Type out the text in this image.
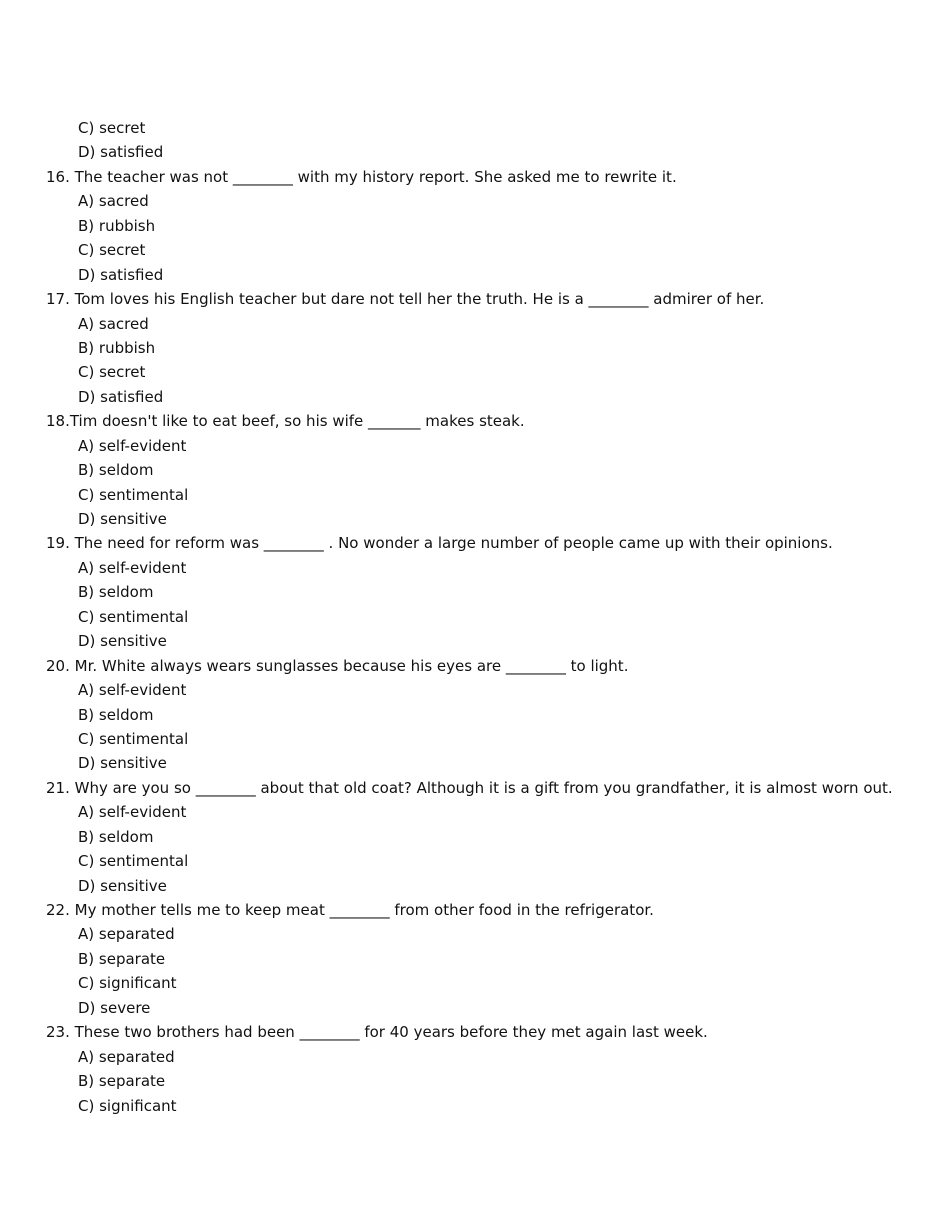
C) secret
D) satisfied
16. The teacher was not ________ with my history report. She asked me to rewrite it.
A) sacred
B) rubbish
C) secret
D) satisfied
17. Tom loves his English teacher but dare not tell her the truth. He is a ________ admirer of her.
A) sacred
B) rubbish
C) secret
D) satisfied
18.Tim doesn't like to eat beef, so his wife _______ makes steak.
A) self-evident
B) seldom
C) sentimental
D) sensitive
19. The need for reform was ________ . No wonder a large number of people came up with their opinions.
A) self-evident
B) seldom
C) sentimental
D) sensitive
20. Mr. White always wears sunglasses because his eyes are ________ to light.
A) self-evident
B) seldom
C) sentimental
D) sensitive
21. Why are you so ________ about that old coat? Although it is a gift from you grandfather, it is almost worn out.
A) self-evident
B) seldom
C) sentimental
D) sensitive
22. My mother tells me to keep meat ________ from other food in the refrigerator.
A) separated
B) separate
C) significant
D) severe
23. These two brothers had been ________ for 40 years before they met again last week.
A) separated
B) separate
C) significant
